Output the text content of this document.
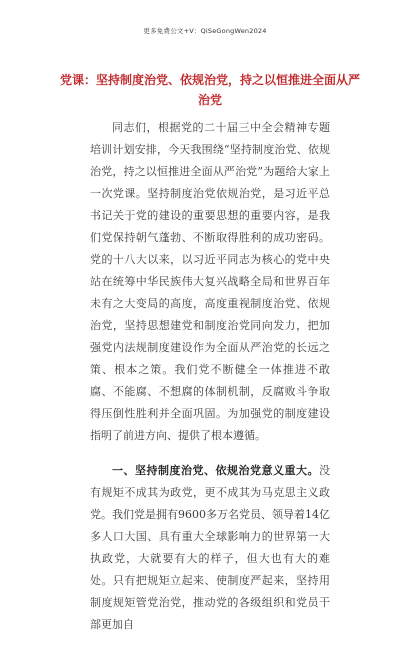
更多免费公文+V：QiSeGongWen2024
党课：坚持制度治党、依规治党，持之以恒推进全面从严治党

同志们，根据党的二十届三中全会精神专题培训计划安排，今天我围绕“坚持制度治党、依规治党，持之以恒推进全面从严治党”为题给大家上一次党课。坚持制度治党依规治党，是习近平总书记关于党的建设的重要思想的重要内容，是我们党保持朝气蓬勃、不断取得胜利的成功密码。党的十八大以来，以习近平同志为核心的党中央站在统筹中华民族伟大复兴战略全局和世界百年未有之大变局的高度，高度重视制度治党、依规治党，坚持思想建党和制度治党同向发力，把加强党内法规制度建设作为全面从严治党的长远之策、根本之策。我们党不断健全一体推进不敢腐、不能腐、不想腐的体制机制，反腐败斗争取得压倒性胜利并全面巩固。为加强党的制度建设指明了前进方向、提供了根本遵循。

一、坚持制度治党、依规治党意义重大。没有规矩不成其为政党，更不成其为马克思主义政党。我们党是拥有9600多万名党员、领导着14亿多人口大国、具有重大全球影响力的世界第一大执政党，大就要有大的样子，但大也有大的难处。只有把规矩立起来、使制度严起来，坚持用制度规矩管党治党，推动党的各级组织和党员干部更加自
